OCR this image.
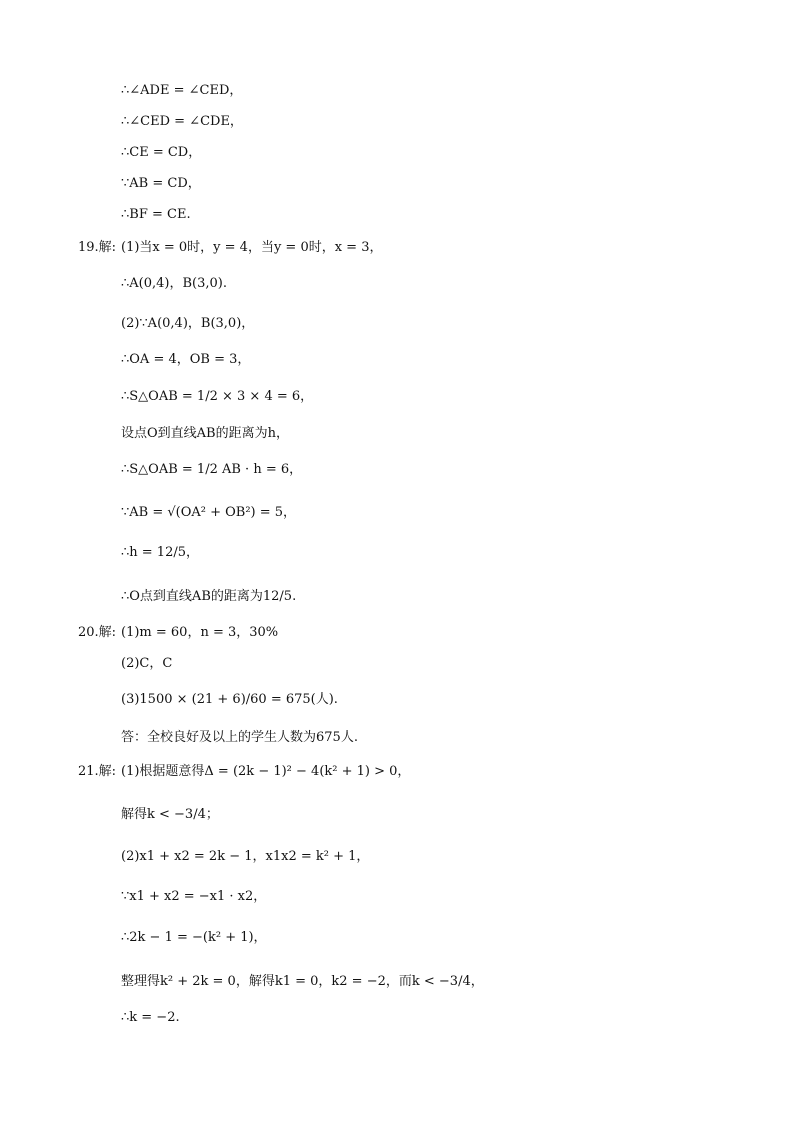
∴∠ADE = ∠CED，
∴∠CED = ∠CDE，
∴CE = CD，
∵AB = CD，
∴BF = CE.
19.解: (1)当x = 0时，y = 4，当y = 0时，x = 3，
∴A(0,4)，B(3,0).
(2)∵A(0,4)，B(3,0)，
∴OA = 4，OB = 3，
∴S△OAB = 1/2 × 3 × 4 = 6，
设点O到直线AB的距离为h，
∴S△OAB = 1/2 AB · h = 6，
∵AB = √(OA² + OB²) = 5，
∴h = 12/5，
∴O点到直线AB的距离为12/5.
20.解: (1)m = 60，n = 3，30%
(2)C，C
(3)1500 × (21 + 6)/60 = 675(人).
答：全校良好及以上的学生人数为675人.
21.解: (1)根据题意得Δ = (2k − 1)² − 4(k² + 1) > 0，
解得k < −3/4；
(2)x1 + x2 = 2k − 1，x1x2 = k² + 1，
∵x1 + x2 = −x1 · x2，
∴2k − 1 = −(k² + 1)，
整理得k² + 2k = 0，解得k1 = 0，k2 = −2，而k < −3/4，
∴k = −2.
